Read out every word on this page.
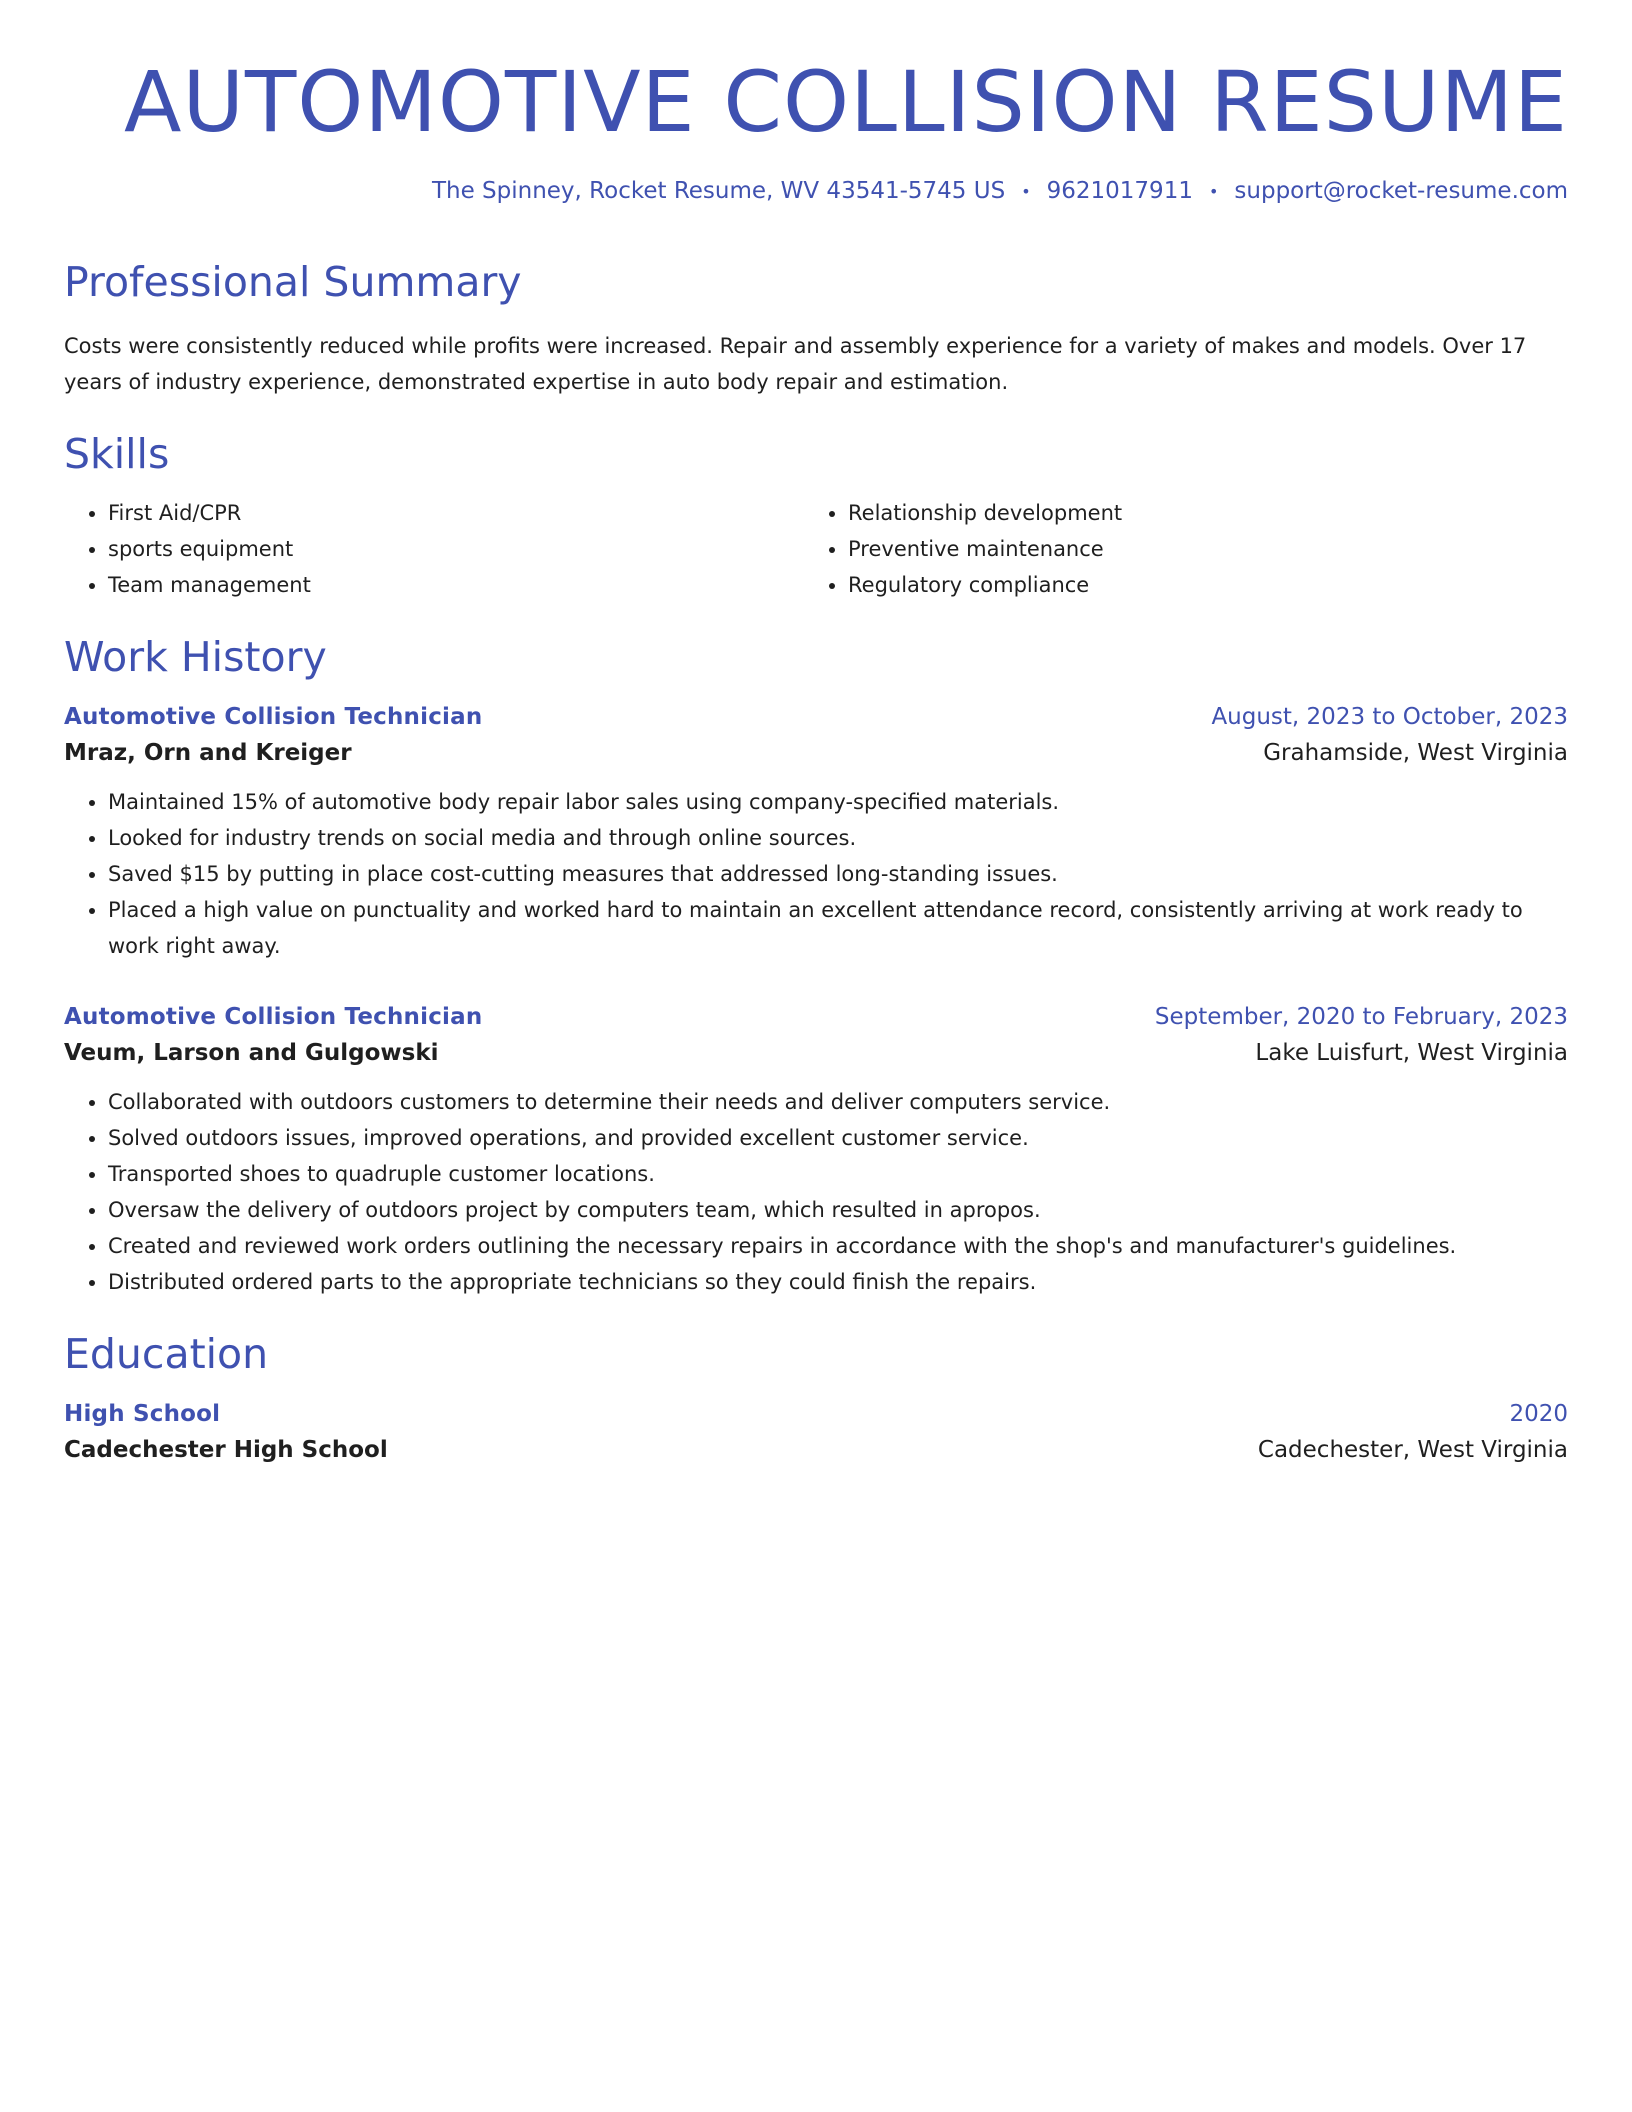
AUTOMOTIVE COLLISION RESUME
The Spinney, Rocket Resume, WV 43541-5745 US • 9621017911 • support@rocket-resume.com
Professional Summary
Costs were consistently reduced while profits were increased. Repair and assembly experience for a variety of makes and models. Over 17 years of industry experience, demonstrated expertise in auto body repair and estimation.
Skills
• First Aid/CPR
• sports equipment
• Team management
• Relationship development
• Preventive maintenance
• Regulatory compliance
Work History
Automotive Collision Technician	August, 2023 to October, 2023
Mraz, Orn and Kreiger	Grahamside, West Virginia
• Maintained 15% of automotive body repair labor sales using company-specified materials.
• Looked for industry trends on social media and through online sources.
• Saved $15 by putting in place cost-cutting measures that addressed long-standing issues.
• Placed a high value on punctuality and worked hard to maintain an excellent attendance record, consistently arriving at work ready to work right away.
Automotive Collision Technician	September, 2020 to February, 2023
Veum, Larson and Gulgowski	Lake Luisfurt, West Virginia
• Collaborated with outdoors customers to determine their needs and deliver computers service.
• Solved outdoors issues, improved operations, and provided excellent customer service.
• Transported shoes to quadruple customer locations.
• Oversaw the delivery of outdoors project by computers team, which resulted in apropos.
• Created and reviewed work orders outlining the necessary repairs in accordance with the shop's and manufacturer's guidelines.
• Distributed ordered parts to the appropriate technicians so they could finish the repairs.
Education
High School	2020
Cadechester High School	Cadechester, West Virginia
